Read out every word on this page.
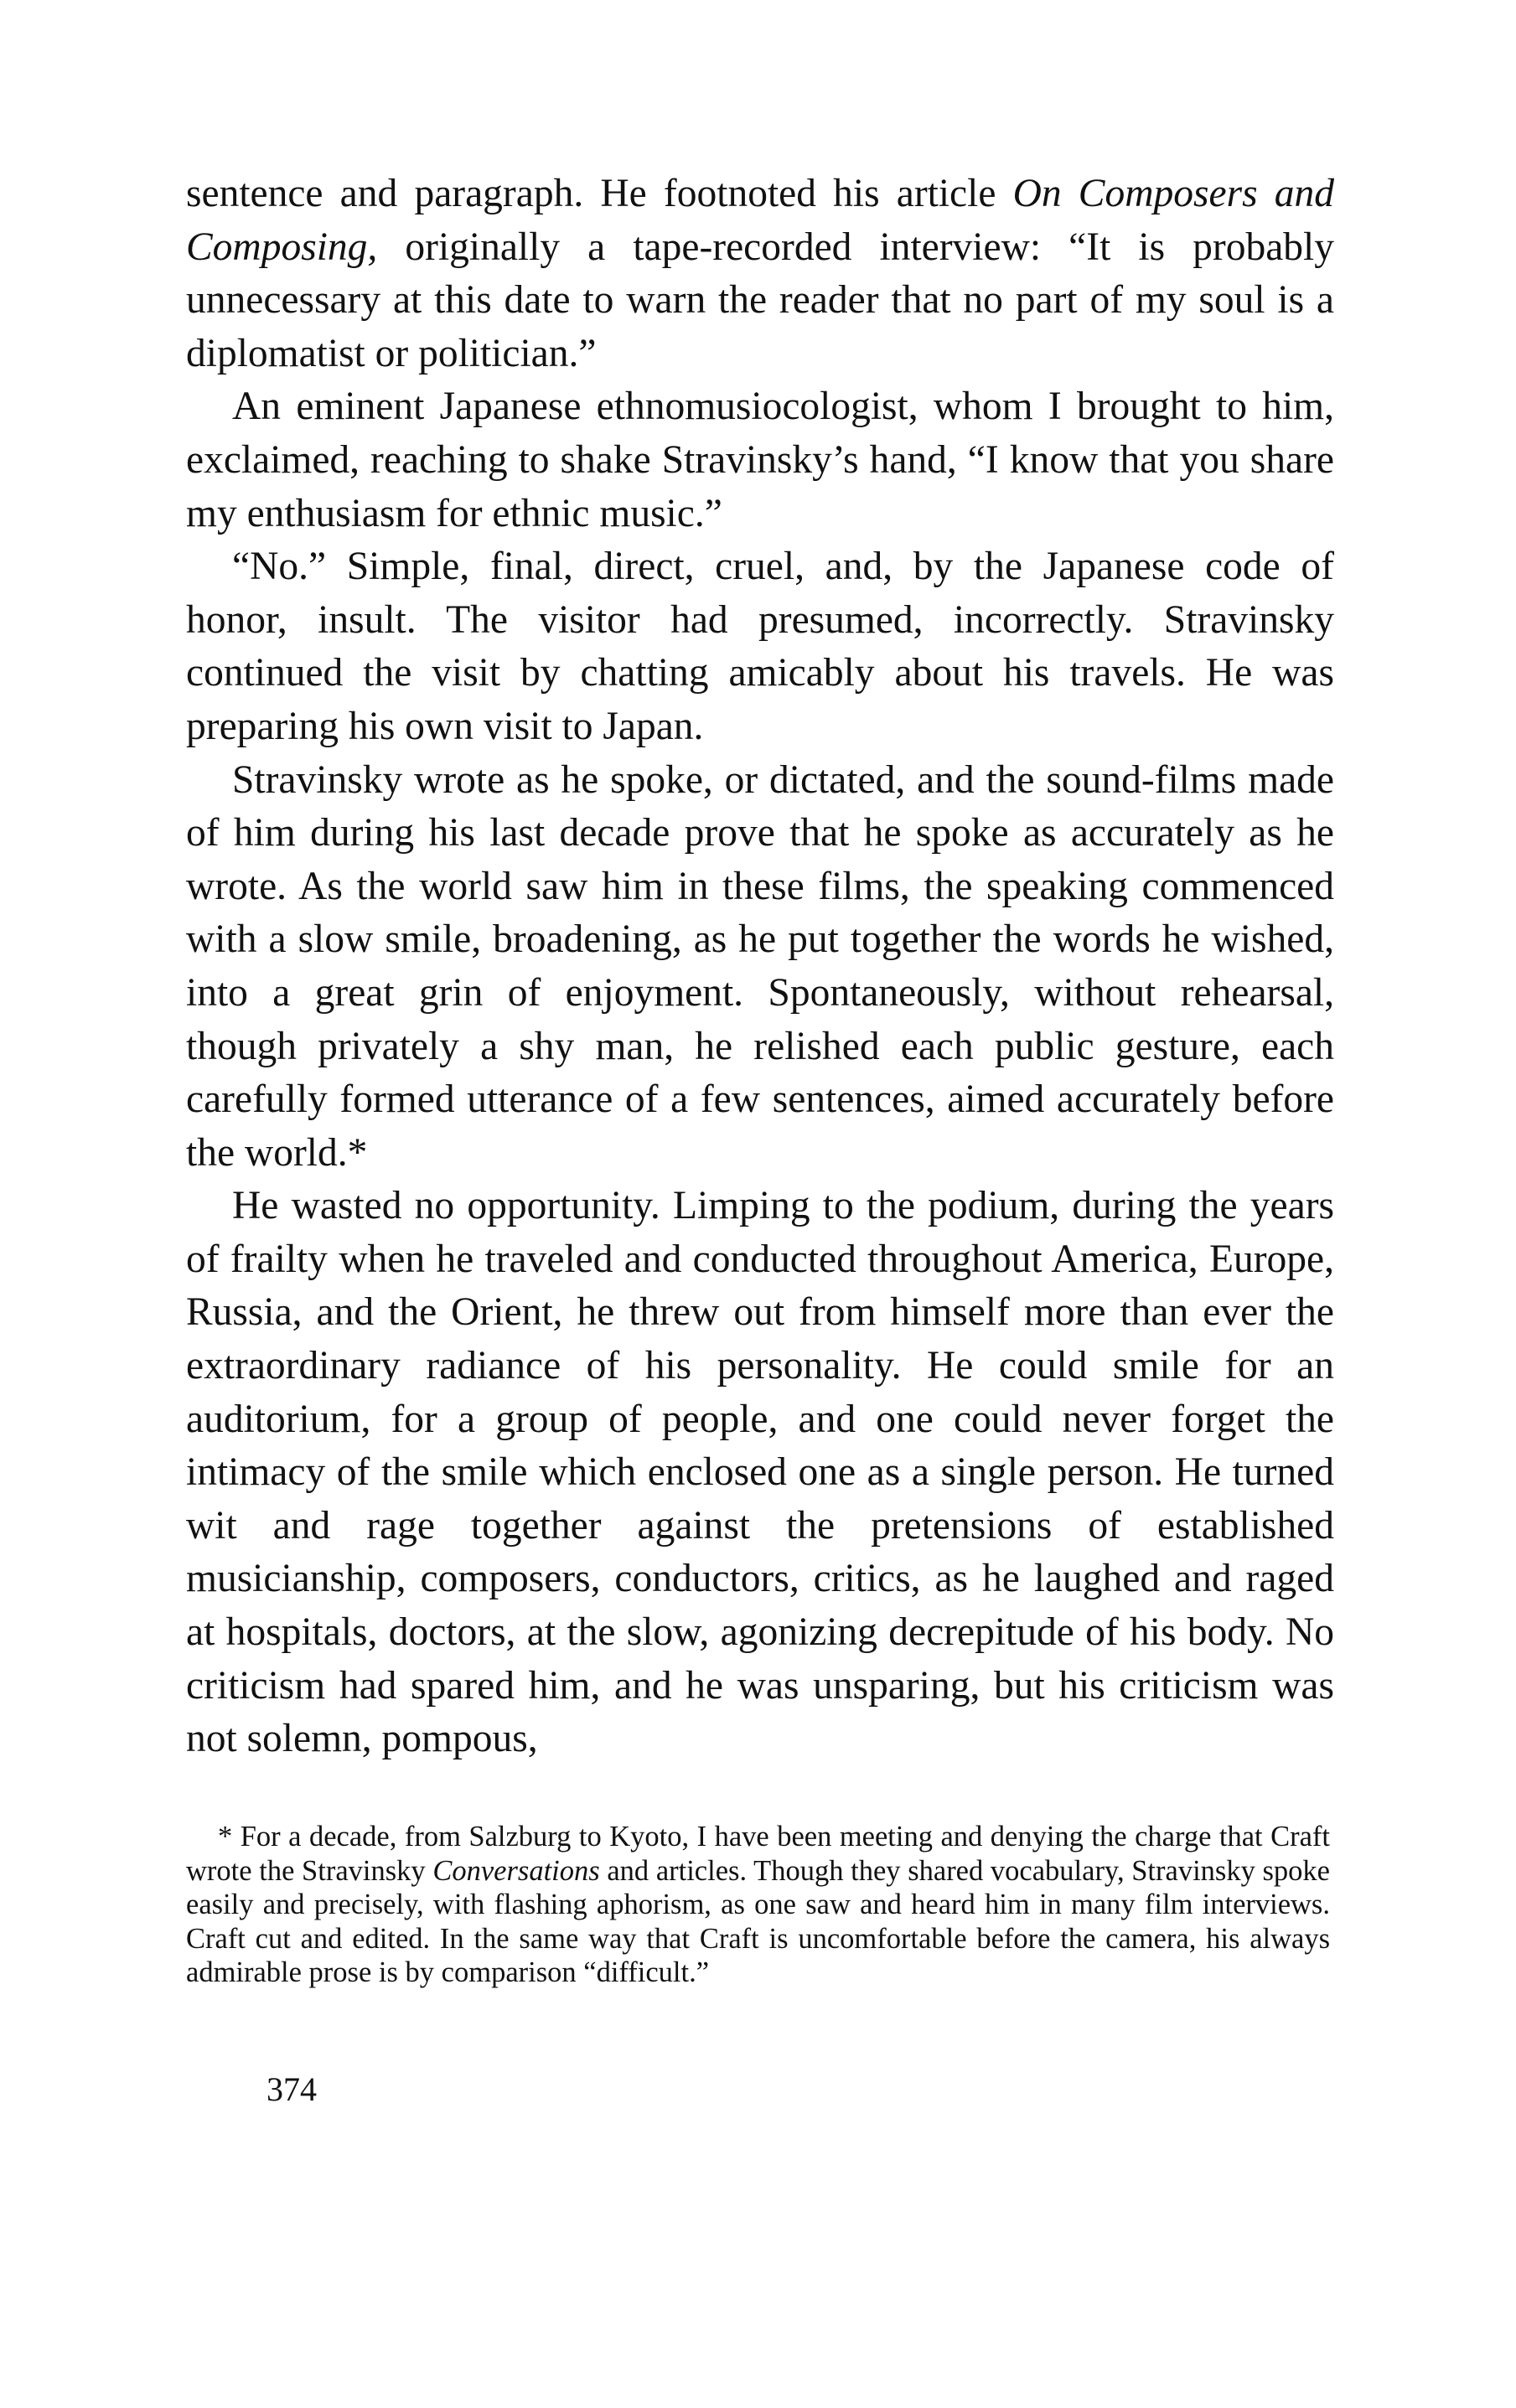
sentence and paragraph. He footnoted his article On Composers and Composing, originally a tape-recorded interview: “It is probably unnecessary at this date to warn the reader that no part of my soul is a diplomatist or politician.”

An eminent Japanese ethnomusiocologist, whom I brought to him, exclaimed, reaching to shake Stravinsky’s hand, “I know that you share my enthusiasm for ethnic music.”

“No.” Simple, final, direct, cruel, and, by the Japanese code of honor, insult. The visitor had presumed, incorrectly. Stravinsky continued the visit by chatting amicably about his travels. He was preparing his own visit to Japan.

Stravinsky wrote as he spoke, or dictated, and the sound-films made of him during his last decade prove that he spoke as accurately as he wrote. As the world saw him in these films, the speaking commenced with a slow smile, broadening, as he put together the words he wished, into a great grin of enjoyment. Spontaneously, without rehearsal, though privately a shy man, he relished each public gesture, each carefully formed utterance of a few sentences, aimed accurately before the world.*

He wasted no opportunity. Limping to the podium, during the years of frailty when he traveled and conducted throughout America, Europe, Russia, and the Orient, he threw out from himself more than ever the extraordinary radiance of his personality. He could smile for an auditorium, for a group of people, and one could never forget the intimacy of the smile which enclosed one as a single person. He turned wit and rage together against the pretensions of established musicianship, composers, conductors, critics, as he laughed and raged at hospitals, doctors, at the slow, agonizing decrepitude of his body. No criticism had spared him, and he was unsparing, but his criticism was not solemn, pompous,

* For a decade, from Salzburg to Kyoto, I have been meeting and denying the charge that Craft wrote the Stravinsky Conversations and articles. Though they shared vocabulary, Stravinsky spoke easily and precisely, with flashing aphorism, as one saw and heard him in many film interviews. Craft cut and edited. In the same way that Craft is uncomfortable before the camera, his always admirable prose is by comparison “difficult.”

374
